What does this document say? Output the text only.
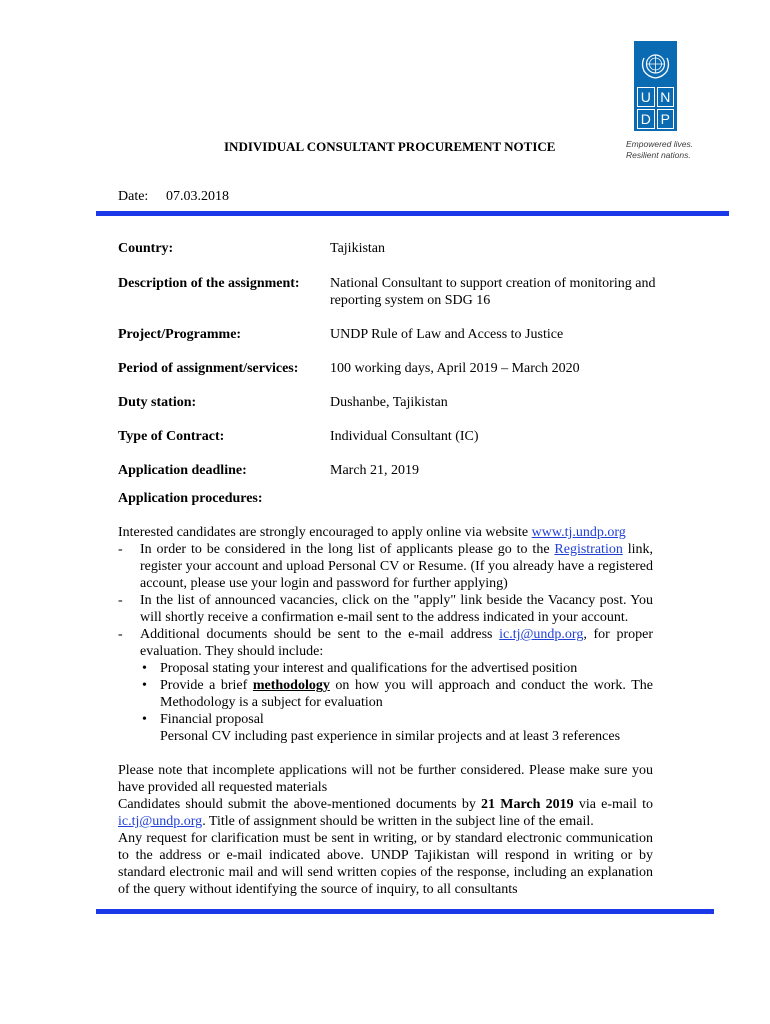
U N
D P
Empowered lives.
Resilient nations.
INDIVIDUAL CONSULTANT PROCUREMENT NOTICE
Date: 07.03.2018
Country:	Tajikistan
Description of the assignment:	National Consultant to support creation of monitoring and reporting system on SDG 16
Project/Programme:	UNDP Rule of Law and Access to Justice
Period of assignment/services:	100 working days, April 2019 – March 2020
Duty station:	Dushanbe, Tajikistan
Type of Contract:	Individual Consultant (IC)
Application deadline:	March 21, 2019
Application procedures:

Interested candidates are strongly encouraged to apply online via website www.tj.undp.org

- In order to be considered in the long list of applicants please go to the Registration link, register your account and upload Personal CV or Resume. (If you already have a registered account, please use your login and password for further applying)
- In the list of announced vacancies, click on the "apply" link beside the Vacancy post. You will shortly receive a confirmation e-mail sent to the address indicated in your account.
- Additional documents should be sent to the e-mail address ic.tj@undp.org, for proper evaluation. They should include:
• Proposal stating your interest and qualifications for the advertised position
• Provide a brief methodology on how you will approach and conduct the work. The Methodology is a subject for evaluation
• Financial proposal
Personal CV including past experience in similar projects and at least 3 references

Please note that incomplete applications will not be further considered. Please make sure you have provided all requested materials

Candidates should submit the above-mentioned documents by 21 March 2019 via e-mail to ic.tj@undp.org. Title of assignment should be written in the subject line of the email.

Any request for clarification must be sent in writing, or by standard electronic communication to the address or e-mail indicated above. UNDP Tajikistan will respond in writing or by standard electronic mail and will send written copies of the response, including an explanation of the query without identifying the source of inquiry, to all consultants
